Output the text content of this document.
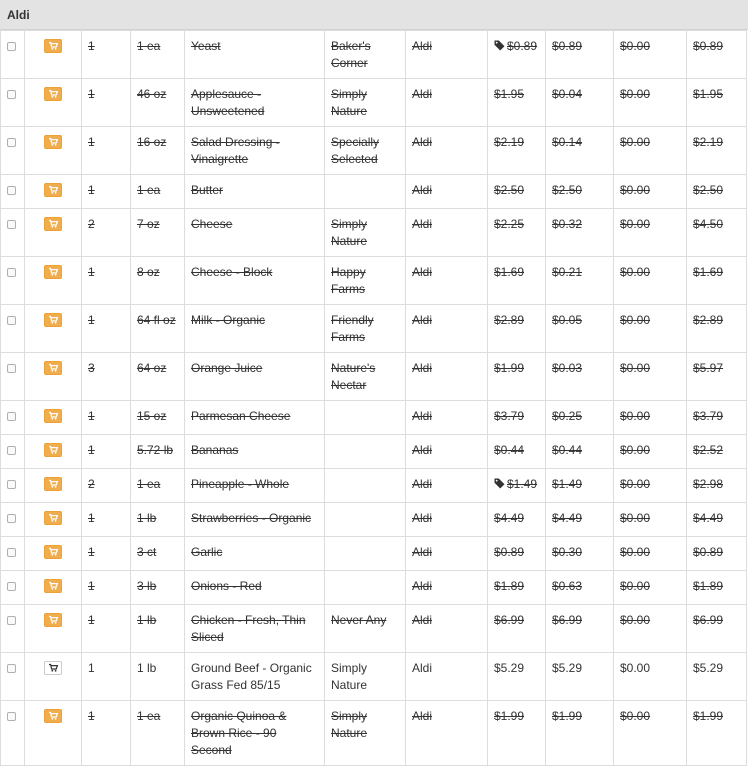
Aldi

	1	1 ea	Yeast	Baker's Corner	Aldi	$0.89	$0.89	$0.00	$0.89

	1	46 oz	Applesauce - Unsweetened	Simply Nature	Aldi	$1.95	$0.04	$0.00	$1.95

	1	16 oz	Salad Dressing - Vinaigrette	Specially Selected	Aldi	$2.19	$0.14	$0.00	$2.19

	1	1 ea	Butter		Aldi	$2.50	$2.50	$0.00	$2.50

	2	7 oz	Cheese	Simply Nature	Aldi	$2.25	$0.32	$0.00	$4.50

	1	8 oz	Cheese - Block	Happy Farms	Aldi	$1.69	$0.21	$0.00	$1.69

	1	64 fl oz	Milk - Organic	Friendly Farms	Aldi	$2.89	$0.05	$0.00	$2.89

	3	64 oz	Orange Juice	Nature's Nectar	Aldi	$1.99	$0.03	$0.00	$5.97

	1	15 oz	Parmesan Cheese		Aldi	$3.79	$0.25	$0.00	$3.79

	1	5.72 lb	Bananas		Aldi	$0.44	$0.44	$0.00	$2.52

	2	1 ea	Pineapple - Whole		Aldi	$1.49	$1.49	$0.00	$2.98

	1	1 lb	Strawberries - Organic		Aldi	$4.49	$4.49	$0.00	$4.49

	1	3 ct	Garlic		Aldi	$0.89	$0.30	$0.00	$0.89

	1	3 lb	Onions - Red		Aldi	$1.89	$0.63	$0.00	$1.89

	1	1 lb	Chicken - Fresh, Thin Sliced	Never Any	Aldi	$6.99	$6.99	$0.00	$6.99

	1	1 lb	Ground Beef - Organic Grass Fed 85/15	Simply Nature	Aldi	$5.29	$5.29	$0.00	$5.29

	1	1 ea	Organic Quinoa & Brown Rice - 90 Second	Simply Nature	Aldi	$1.99	$1.99	$0.00	$1.99
